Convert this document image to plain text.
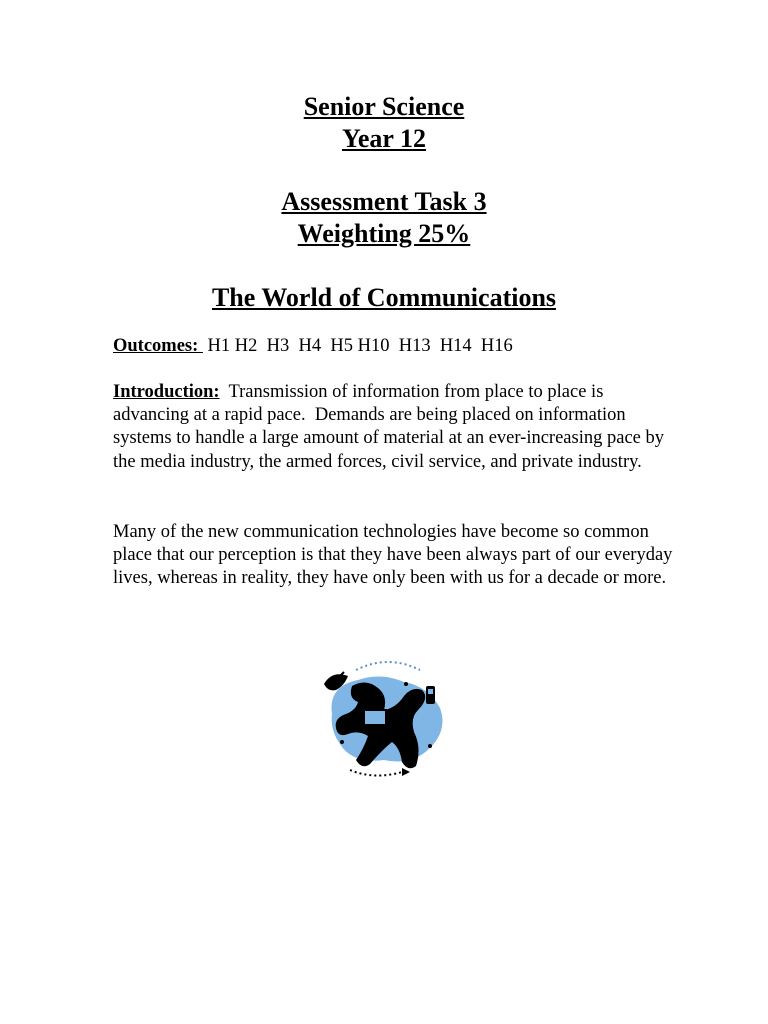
Senior Science
Year 12
Assessment Task 3
Weighting 25%
The World of Communications
Outcomes:  H1 H2  H3  H4  H5 H10  H13  H14  H16
Introduction:  Transmission of information from place to place is advancing at a rapid pace.  Demands are being placed on information systems to handle a large amount of material at an ever-increasing pace by the media industry, the armed forces, civil service, and private industry.
Many of the new communication technologies have become so common place that our perception is that they have been always part of our everyday lives, whereas in reality, they have only been with us for a decade or more.
